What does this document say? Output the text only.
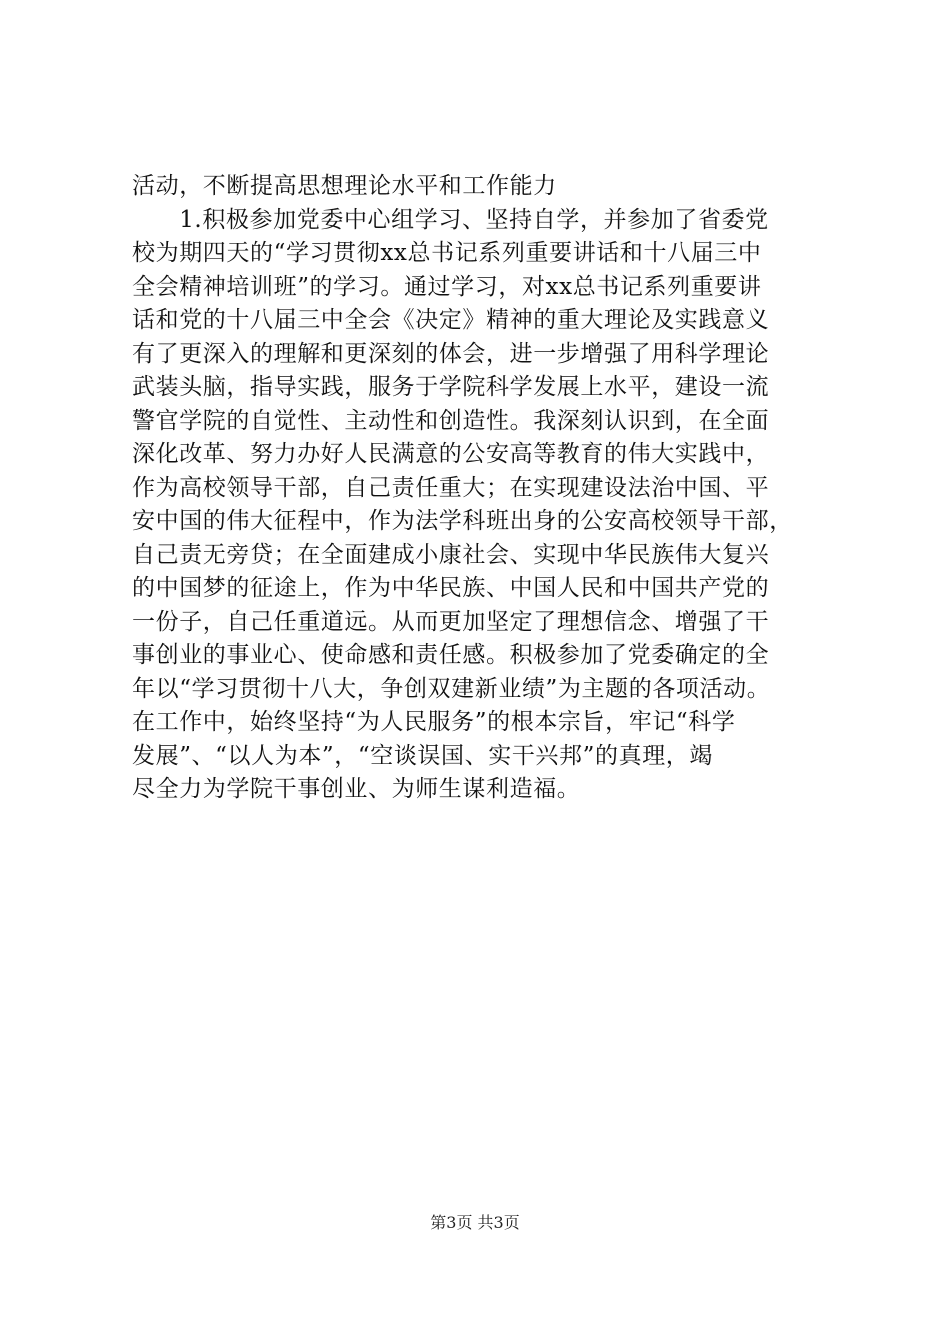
活动，不断提高思想理论水平和工作能力
　　1.积极参加党委中心组学习、坚持自学，并参加了省委党
校为期四天的“学习贯彻xx总书记系列重要讲话和十八届三中
全会精神培训班”的学习。通过学习，对xx总书记系列重要讲
话和党的十八届三中全会《决定》精神的重大理论及实践意义
有了更深入的理解和更深刻的体会，进一步增强了用科学理论
武装头脑，指导实践，服务于学院科学发展上水平，建设一流
警官学院的自觉性、主动性和创造性。我深刻认识到，在全面
深化改革、努力办好人民满意的公安高等教育的伟大实践中，
作为高校领导干部，自己责任重大；在实现建设法治中国、平
安中国的伟大征程中，作为法学科班出身的公安高校领导干部，
自己责无旁贷；在全面建成小康社会、实现中华民族伟大复兴
的中国梦的征途上，作为中华民族、中国人民和中国共产党的
一份子，自己任重道远。从而更加坚定了理想信念、增强了干
事创业的事业心、使命感和责任感。积极参加了党委确定的全
年以“学习贯彻十八大，争创双建新业绩”为主题的各项活动。
在工作中，始终坚持“为人民服务”的根本宗旨，牢记“科学
发展”、“以人为本”，“空谈误国、实干兴邦”的真理，竭
尽全力为学院干事创业、为师生谋利造福。
第3页 共3页
